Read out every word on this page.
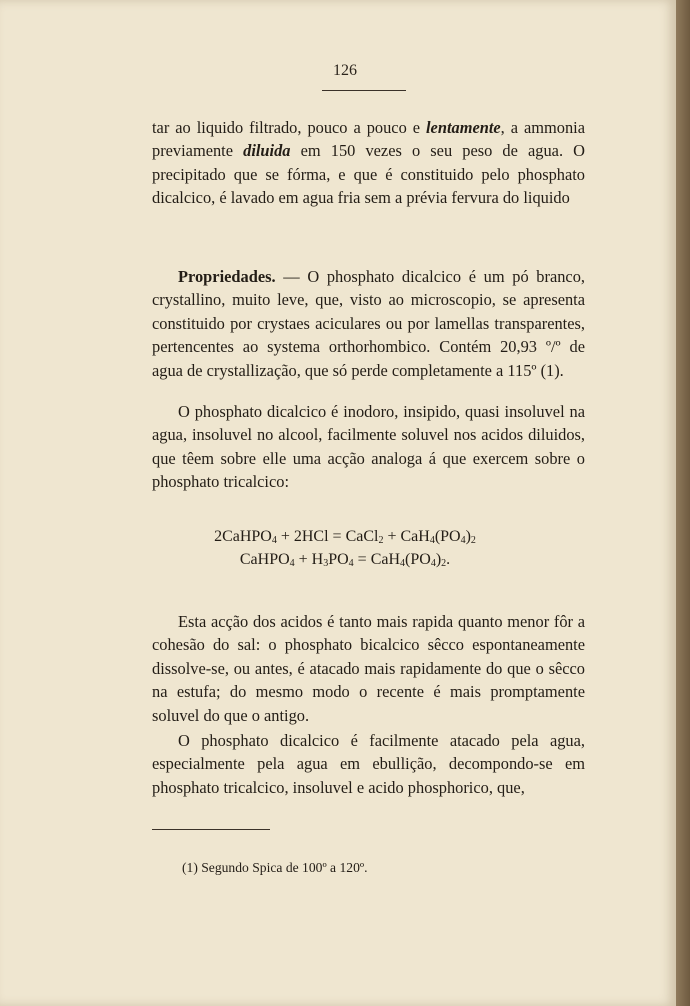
126

tar ao liquido filtrado, pouco a pouco e lentamente, a ammonia previamente diluida em 150 vezes o seu peso de agua. O precipitado que se fórma, e que é constituido pelo phosphato dicalcico, é lavado em agua fria sem a prévia fervura do liquido

Propriedades. — O phosphato dicalcico é um pó branco, crystallino, muito leve, que, visto ao microscopio, se apresenta constituido por crystaes aciculares ou por lamellas transparentes, pertencentes ao systema orthorhombico. Contém 20,93 º/º de agua de crystallização, que só perde completamente a 115º (1).

O phosphato dicalcico é inodoro, insipido, quasi insoluvel na agua, insoluvel no alcool, facilmente soluvel nos acidos diluidos, que têem sobre elle uma acção analoga á que exercem sobre o phosphato tricalcico:

2CaHPO$_4$ + 2HCl = CaCl$_2$ + $CaH_4(PO_4)_2$
CaHPO$_4$ + $H_3PO_4 = CaH_4(PO_4)_2$.

Esta acção dos acidos é tanto mais rapida quanto menor fôr a cohesão do sal: o phosphato bicalcico sêcco espontaneamente dissolve-se, ou antes, é atacado mais rapidamente do que o sêcco na estufa; do mesmo modo o recente é mais promptamente soluvel do que o antigo.

O phosphato dicalcico é facilmente atacado pela agua, especialmente pela agua em ebullição, decompondo-se em phosphato tricalcico, insoluvel e acido phosphorico, que,

(1) Segundo Spica de 100º a 120º.
